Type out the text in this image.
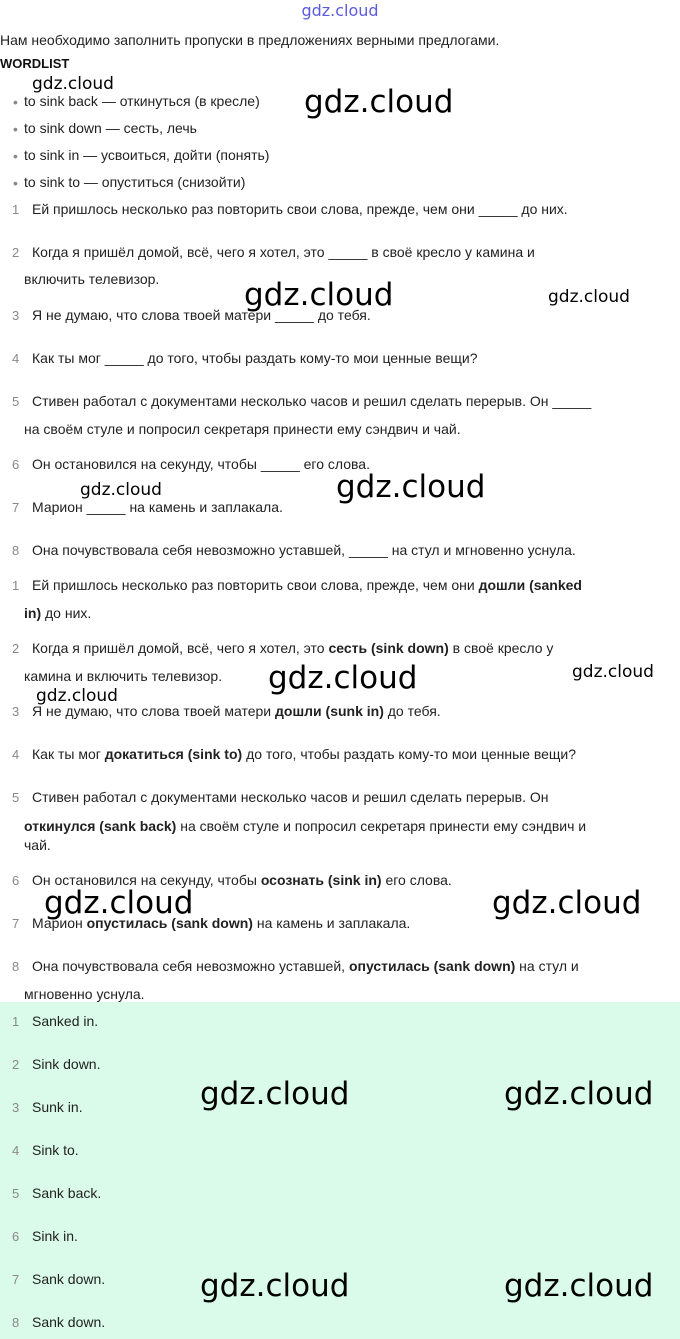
gdz.cloud
Нам необходимо заполнить пропуски в предложениях верными предлогами.
WORDLIST
• to sink back — откинуться (в кресле)
• to sink down — сесть, лечь
• to sink in — усвоиться, дойти (понять)
• to sink to — опуститься (снизойти)
1 Ей пришлось несколько раз повторить свои слова, прежде, чем они _____ до них.
2 Когда я пришёл домой, всё, чего я хотел, это _____ в своё кресло у камина и
включить телевизор.
3 Я не думаю, что слова твоей матери _____ до тебя.
4 Как ты мог _____ до того, чтобы раздать кому-то мои ценные вещи?
5 Стивен работал с документами несколько часов и решил сделать перерыв. Он _____
на своём стуле и попросил секретаря принести ему сэндвич и чай.
6 Он остановился на секунду, чтобы _____ его слова.
7 Марион _____ на камень и заплакала.
8 Она почувствовала себя невозможно уставшей, _____ на стул и мгновенно уснула.
1 Ей пришлось несколько раз повторить свои слова, прежде, чем они дошли (sanked
in) до них.
2 Когда я пришёл домой, всё, чего я хотел, это сесть (sink down) в своё кресло у
камина и включить телевизор.
3 Я не думаю, что слова твоей матери дошли (sunk in) до тебя.
4 Как ты мог докатиться (sink to) до того, чтобы раздать кому-то мои ценные вещи?
5 Стивен работал с документами несколько часов и решил сделать перерыв. Он
откинулся (sank back) на своём стуле и попросил секретаря принести ему сэндвич и
чай.
6 Он остановился на секунду, чтобы осознать (sink in) его слова.
7 Марион опустилась (sank down) на камень и заплакала.
8 Она почувствовала себя невозможно уставшей, опустилась (sank down) на стул и
мгновенно уснула.
1 Sanked in.
2 Sink down.
3 Sunk in.
4 Sink to.
5 Sank back.
6 Sink in.
7 Sank down.
8 Sank down.
gdz.cloud	gdz.cloud
gdz.cloud	gdz.cloud
gdz.cloud	gdz.cloud
gdz.cloud	gdz.cloud
gdz.cloud
gdz.cloud	gdz.cloud
gdz.cloud	gdz.cloud
gdz.cloud	gdz.cloud
